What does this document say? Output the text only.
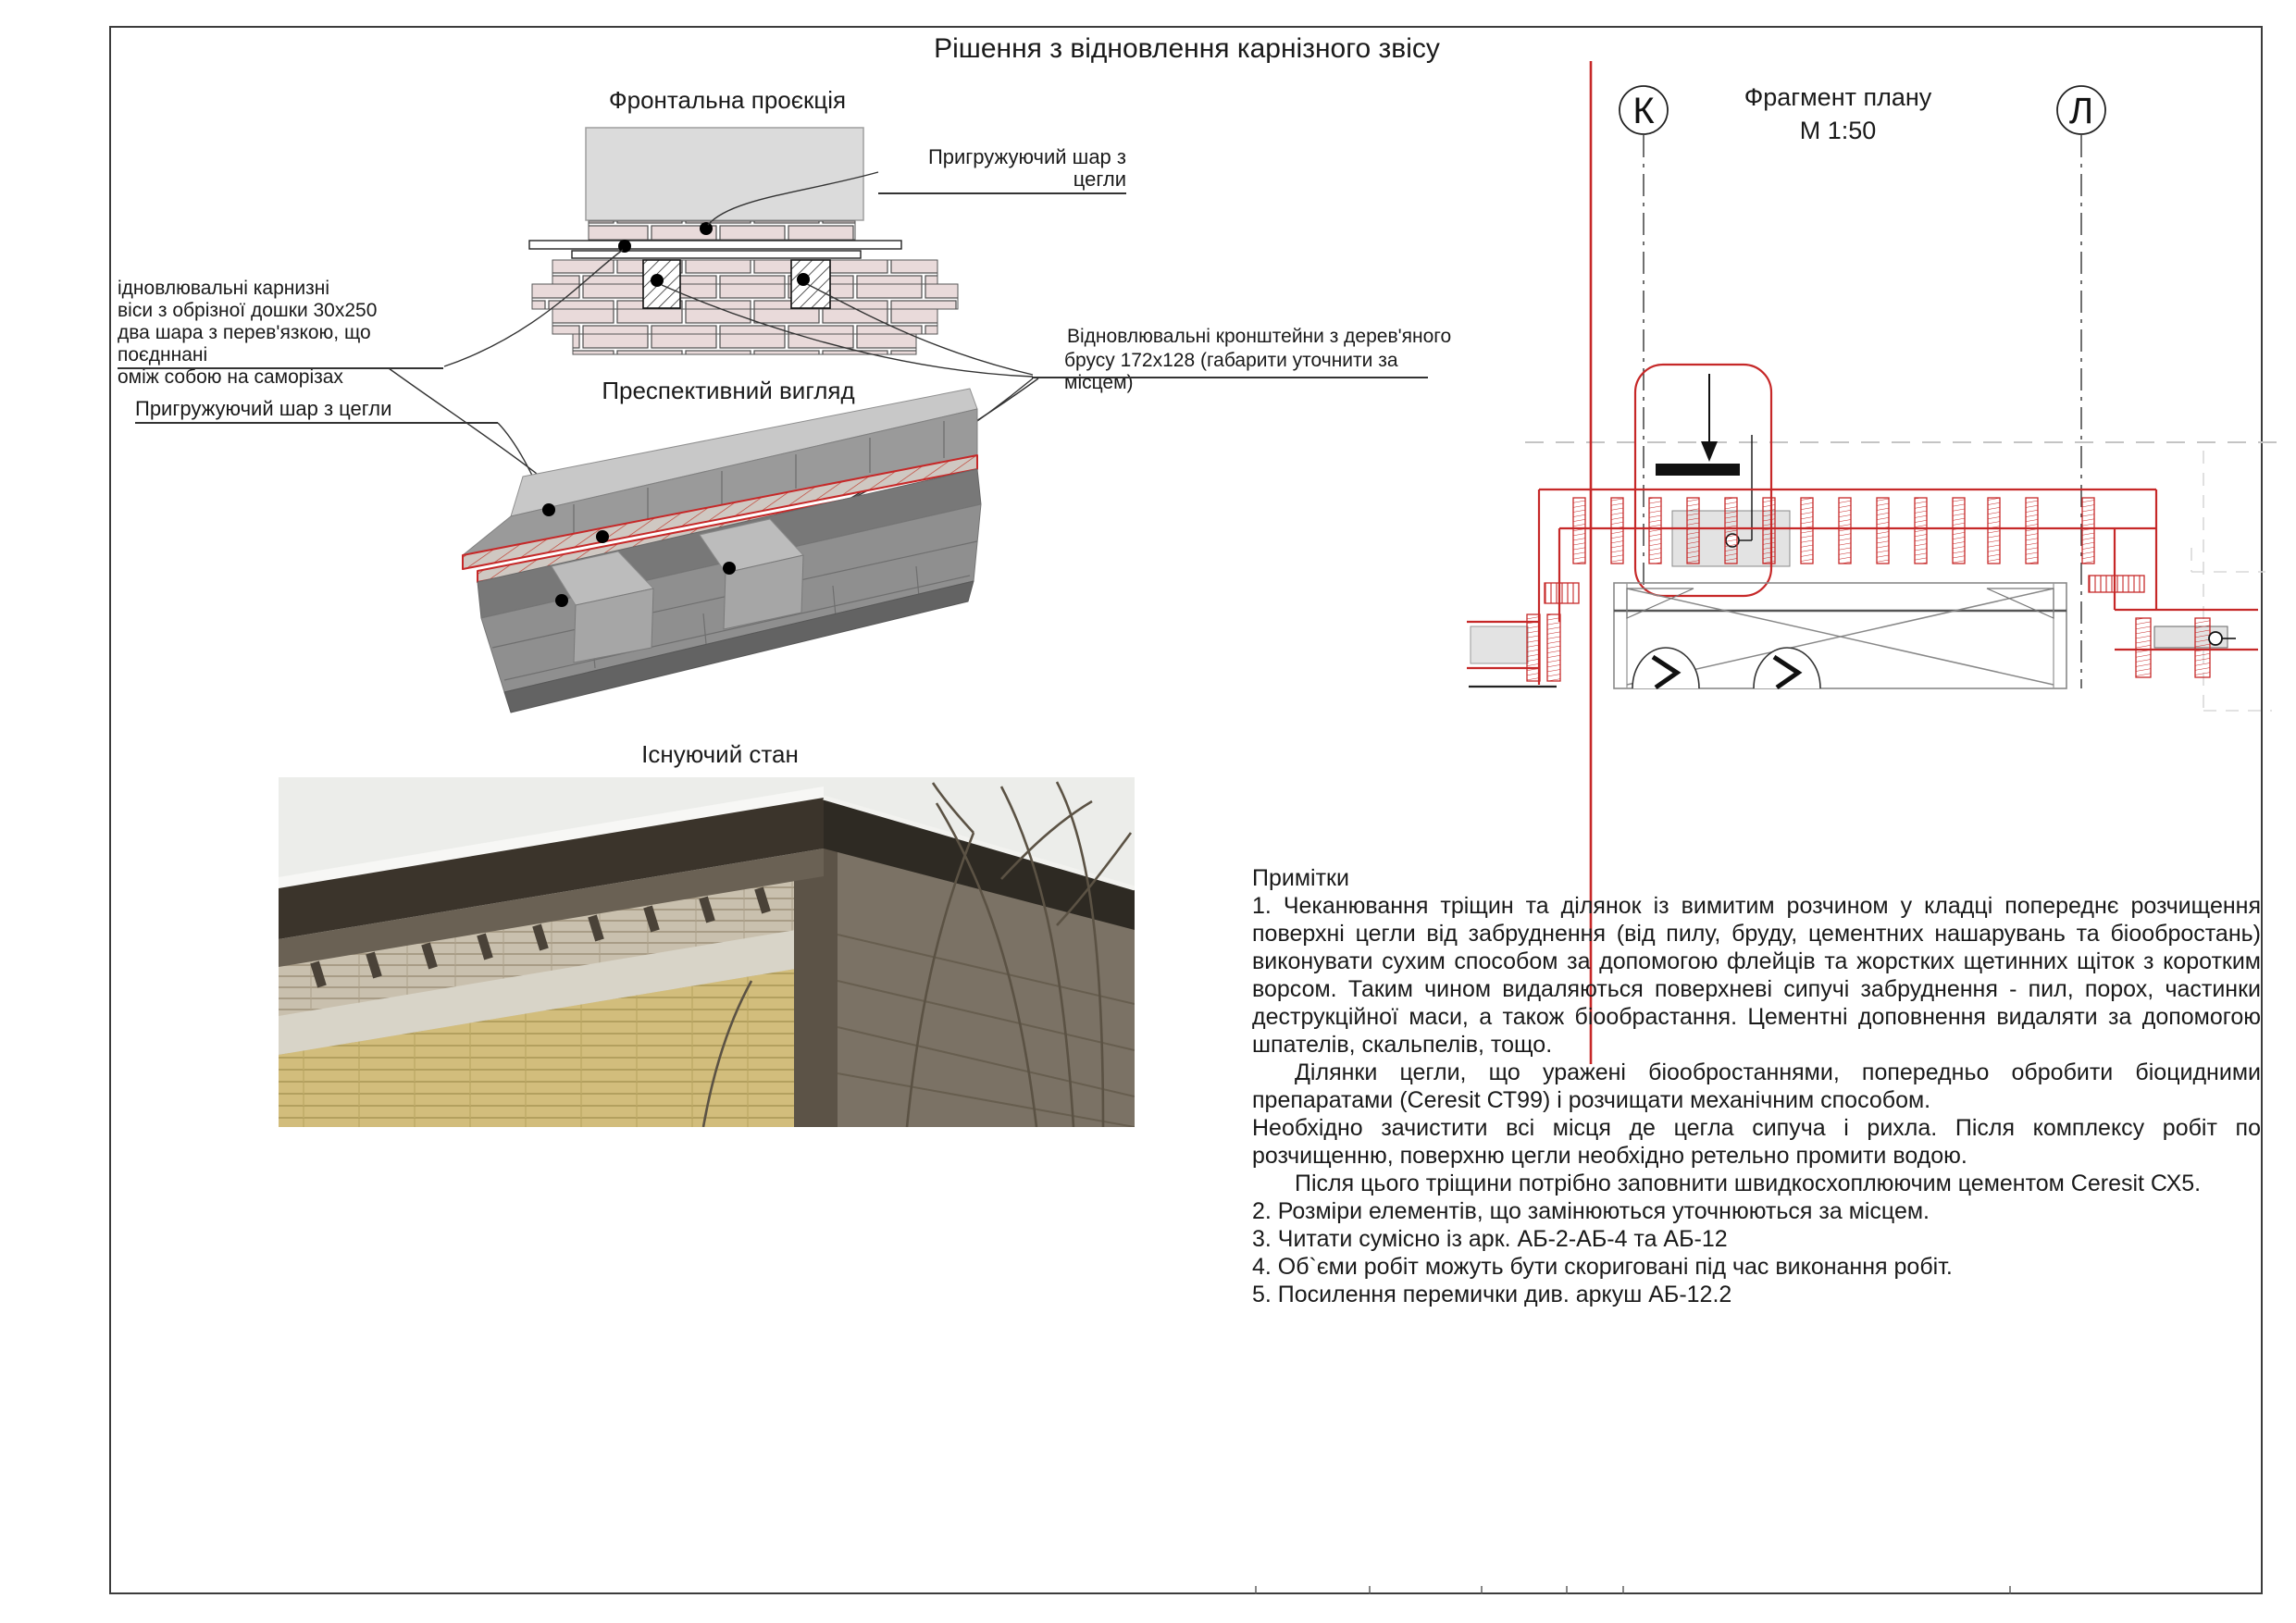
К	Л
Рішення з відновлення карнізного звісу
Фронтальна проєкція
Преспективний вигляд
Існуючий стан
ідновлювальні карнизні
віси з обрізної дошки 30х250
два шара з перев'язкою, що поєдннані
оміж собою на саморізах
Пригружуючий шар з цегли
Пригружуючий шар з цегли
Відновлювальні кронштейни з дерев'яного
брусу 172х128 (габарити уточнити за місцем)
Фрагмент плану
М 1:50

Примітки

1. Чеканювання тріщин та ділянок із вимитим розчином у кладці попереднє розчищення поверхні цегли від забруднення (від пилу, бруду, цементних нашарувань та біообростань) виконувати сухим способом за допомогою флейців та жорстких щетинних щіток з коротким ворсом. Таким чином видаляються поверхневі сипучі забруднення - пил, порох, частинки деструкційної маси, а також біообрастання. Цементні доповнення видаляти за допомогою шпателів, скальпелів, тощо.

Ділянки цегли, що уражені біообростаннями, попередньо обробити біоцидними препаратами (Ceresit СТ99) і розчищати механічним способом.

Необхідно зачистити всі місця де цегла сипуча і рихла. Після комплексу робіт по розчищенню, поверхню цегли необхідно ретельно промити водою.

Після цього тріщини потрібно заповнити швидкосхоплюючим цементом Ceresit СХ5.

2. Розміри елементів, що замінюються уточнюються за місцем.

3. Читати сумісно із арк. АБ-2-АБ-4 та АБ-12

4. Об`єми робіт можуть бути скориговані під час виконання робіт.

5. Посилення перемички див. аркуш АБ-12.2
